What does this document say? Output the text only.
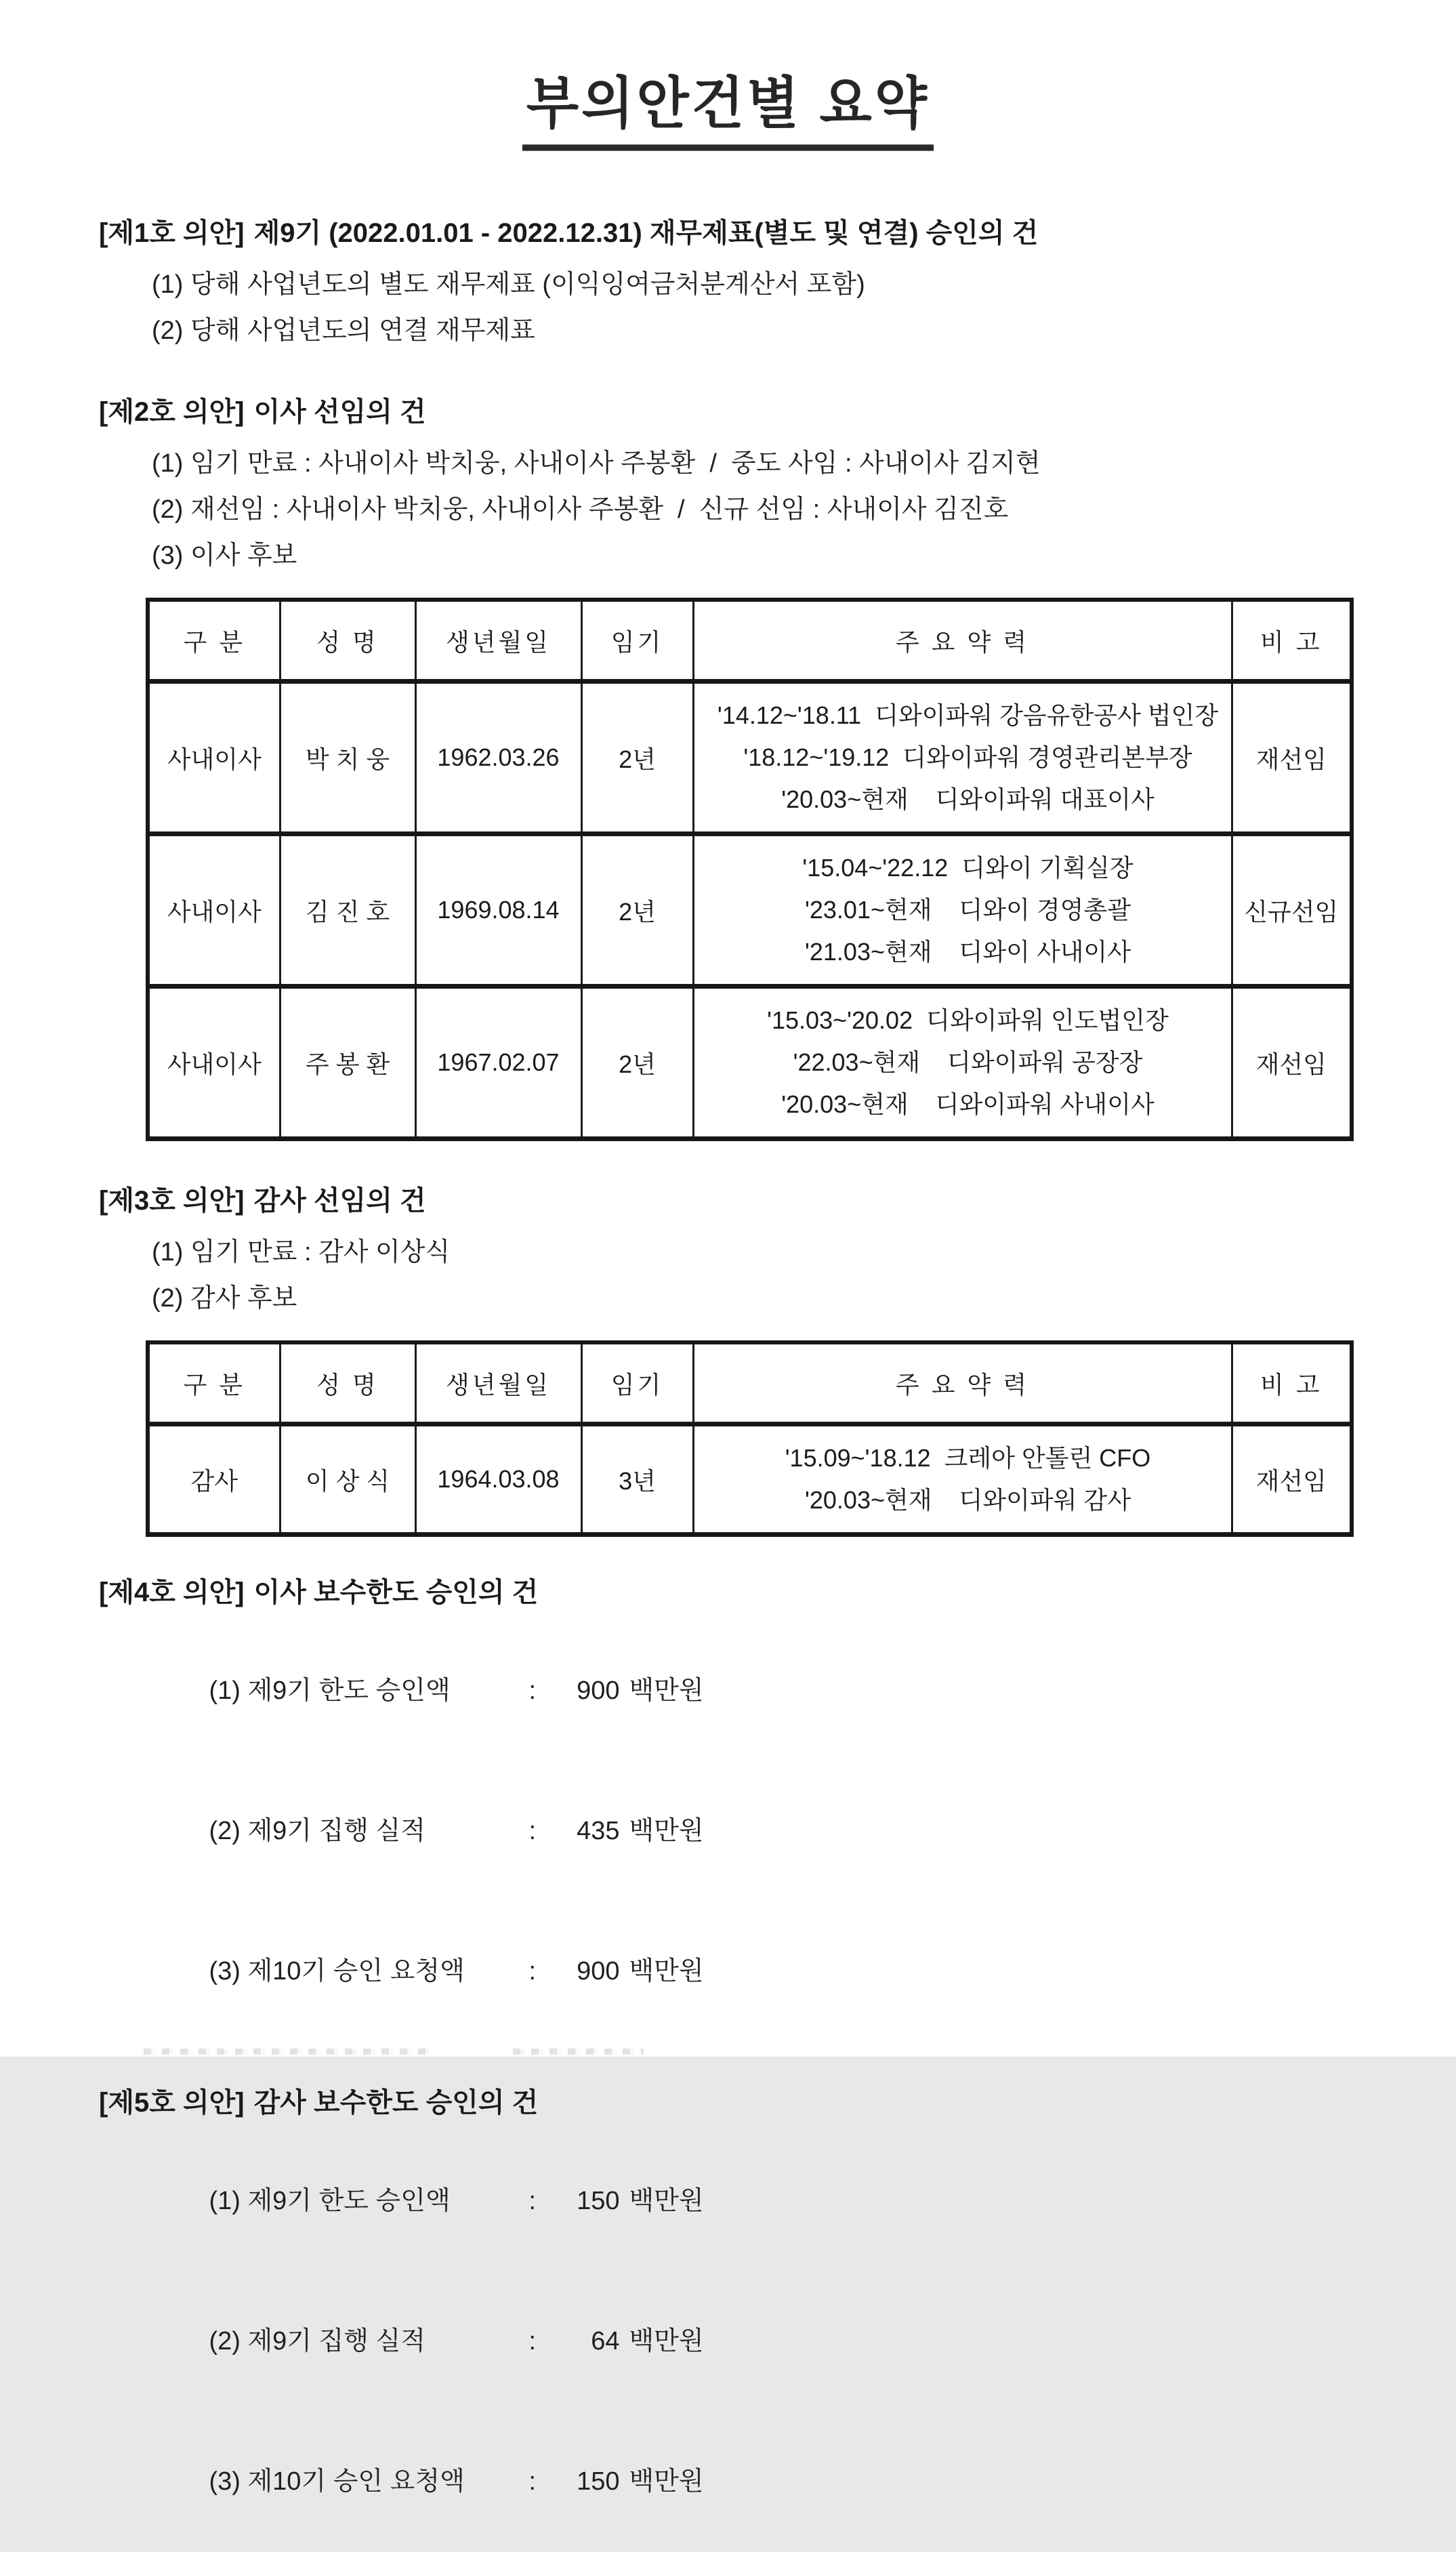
부의안건별 요약
[제1호 의안] 제9기 (2022.01.01 - 2022.12.31) 재무제표(별도 및 연결) 승인의 건
(1) 당해 사업년도의 별도 재무제표 (이익잉여금처분계산서 포함)
(2) 당해 사업년도의 연결 재무제표
[제2호 의안] 이사 선임의 건
(1) 임기 만료 : 사내이사 박치웅, 사내이사 주봉환  /  중도 사임 : 사내이사 김지현
(2) 재선임 : 사내이사 박치웅, 사내이사 주봉환  /  신규 선임 : 사내이사 김진호
(3) 이사 후보
구 분	성 명	생년월일	임기	주 요 약 력	비 고
사내이사	박 치 웅	1962.03.26	2년	'14.12~'18.11  디와이파워 강음유한공사 법인장
'18.12~'19.12  디와이파워 경영관리본부장
'20.03~현재    디와이파워 대표이사	재선임
사내이사	김 진 호	1969.08.14	2년	'15.04~'22.12  디와이 기획실장
'23.01~현재    디와이 경영총괄
'21.03~현재    디와이 사내이사	신규선임
사내이사	주 봉 환	1967.02.07	2년	'15.03~'20.02  디와이파워 인도법인장
'22.03~현재    디와이파워 공장장
'20.03~현재    디와이파워 사내이사	재선임
[제3호 의안] 감사 선임의 건
(1) 임기 만료 : 감사 이상식
(2) 감사 후보
구 분	성 명	생년월일	임기	주 요 약 력	비 고
감사	이 상 식	1964.03.08	3년	'15.09~'18.12  크레아 안톨린 CFO
'20.03~현재    디와이파워 감사	재선임
[제4호 의안] 이사 보수한도 승인의 건

(1) 제9기 한도 승인액	: 900 백만원

(2) 제9기 집행 실적	: 435 백만원

(3) 제10기 승인 요청액 : 900 백만원

[제5호 의안] 감사 보수한도 승인의 건

(1) 제9기 한도 승인액	: 150 백만원

(2) 제9기 집행 실적	: 64 백만원

(3) 제10기 승인 요청액 : 150 백만원
